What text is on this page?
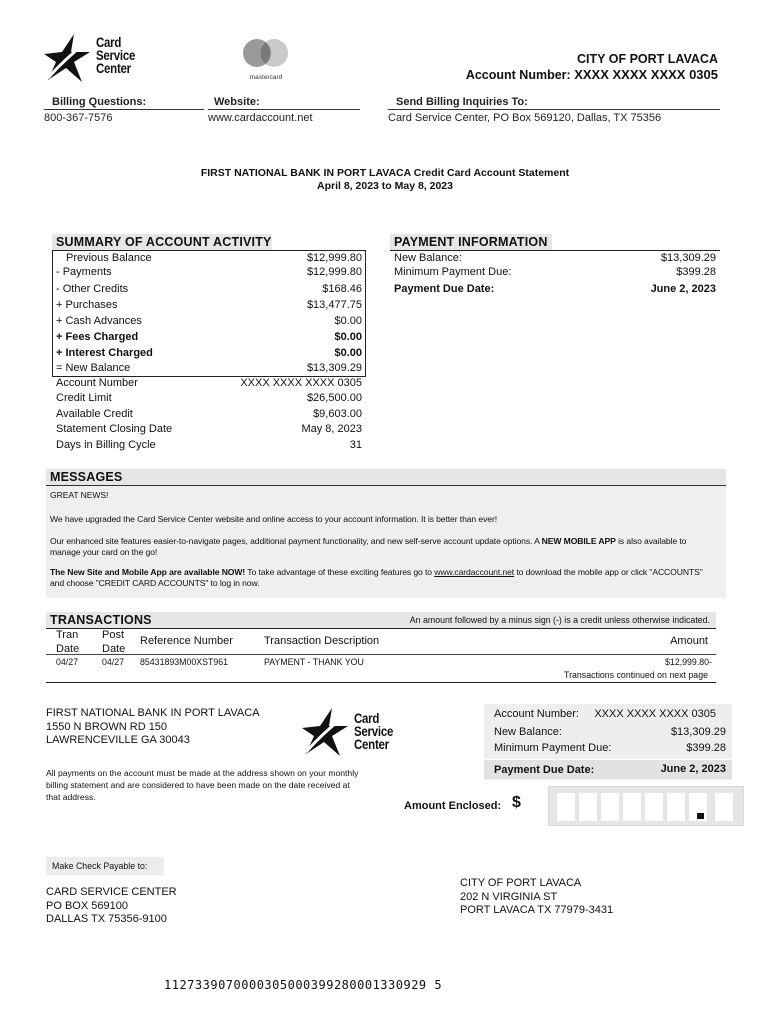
Card
Service
Center
mastercard
CITY OF PORT LAVACA
Account Number: XXXX XXXX XXXX 0305
Billing Questions:
800-367-7576
Website:
www.cardaccount.net
Send Billing Inquiries To:
Card Service Center, PO Box 569120, Dallas, TX 75356
FIRST NATIONAL BANK IN PORT LAVACA Credit Card Account Statement
April 8, 2023 to May 8, 2023
SUMMARY OF ACCOUNT ACTIVITY
Previous Balance	$12,999.80
- Payments	$12,999.80
- Other Credits	$168.46
+ Purchases	$13,477.75
+ Cash Advances	$0.00
+ Fees Charged	$0.00
+ Interest Charged	$0.00
= New Balance	$13,309.29
Account Number	XXXX XXXX XXXX 0305
Credit Limit	$26,500.00
Available Credit	$9,603.00
Statement Closing Date	May 8, 2023
Days in Billing Cycle	31
PAYMENT INFORMATION
New Balance:	$13,309.29
Minimum Payment Due:	$399.28
Payment Due Date:	June 2, 2023
MESSAGES

GREAT NEWS!

We have upgraded the Card Service Center website and online access to your account information. It is better than ever!

Our enhanced site features easier-to-navigate pages, additional payment functionality, and new self-serve account update options. A NEW MOBILE APP is also available to manage your card on the go!

The New Site and Mobile App are available NOW! To take advantage of these exciting features go to www.cardaccount.net to download the mobile app or click "ACCOUNTS" and choose "CREDIT CARD ACCOUNTS" to log in now.

TRANSACTIONS	An amount followed by a minus sign (-) is a credit unless otherwise indicated.
Tran
Date
Post
Date
Reference Number	Transaction Description	Amount
04/27	04/27 85431893M00XST961	PAYMENT - THANK YOU	$12,999.80-
Transactions continued on next page
FIRST NATIONAL BANK IN PORT LAVACA
1550 N BROWN RD 150
LAWRENCEVILLE GA 30043
Card
Service
Center
All payments on the account must be made at the address shown on your monthly billing statement and are considered to have been made on the date received at that address.
Account Number: XXXX XXXX XXXX 0305
New Balance:	$13,309.29
Minimum Payment Due:	$399.28
Payment Due Date:	June 2, 2023
Amount Enclosed: $
Make Check Payable to:
CARD SERVICE CENTER
PO BOX 569100
DALLAS TX 75356-9100
CITY OF PORT LAVACA
202 N VIRGINIA ST
PORT LAVACA TX 77979-3431
1127339070000305000399280001330929 5
